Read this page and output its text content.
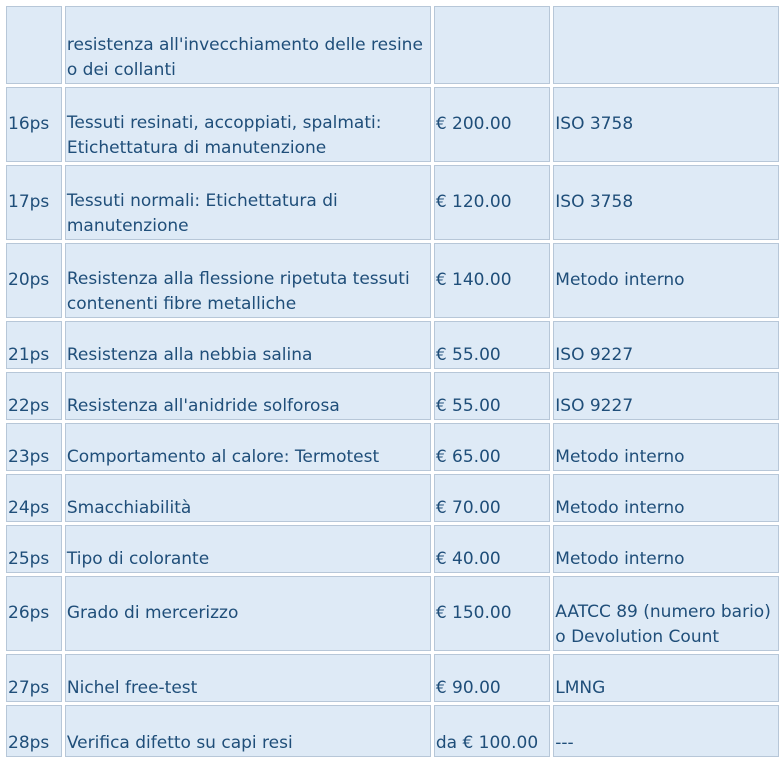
	resistenza all'invecchiamento delle resine o dei collanti		
16ps	Tessuti resinati, accoppiati, spalmati: Etichettatura di manutenzione	€ 200.00	ISO 3758
17ps	Tessuti normali: Etichettatura di manutenzione	€ 120.00	ISO 3758
20ps	Resistenza alla flessione ripetuta tessuti contenenti fibre metalliche	€ 140.00	Metodo interno
21ps	Resistenza alla nebbia salina	€ 55.00	ISO 9227
22ps	Resistenza all'anidride solforosa	€ 55.00	ISO 9227
23ps	Comportamento al calore: Termotest	€ 65.00	Metodo interno
24ps	Smacchiabilità	€ 70.00	Metodo interno
25ps	Tipo di colorante	€ 40.00	Metodo interno
26ps	Grado di mercerizzo	€ 150.00	AATCC 89 (numero bario) o Devolution Count
27ps	Nichel free-test	€ 90.00	LMNG
28ps	Verifica difetto su capi resi	da € 100.00	---
